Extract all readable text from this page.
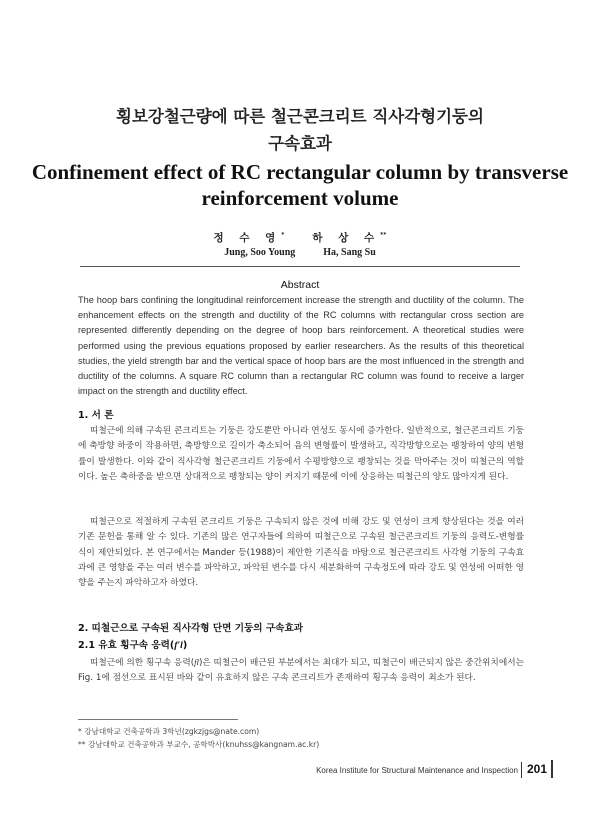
횡보강철근량에 따른 철근콘크리트 직사각형기둥의
구속효과
Confinement effect of RC rectangular column by transverse
reinforcement volume
정 수 영*	하 상 수**
Jung, Soo Young	Ha, Sang Su
Abstract
The hoop bars confining the longitudinal reinforcement increase the strength and ductility of the column. The enhancement effects on the strength and ductility of the RC columns with rectangular cross section are represented differently depending on the degree of hoop bars reinforcement. A theoretical studies were performed using the previous equations proposed by earlier researchers. As the results of this theoretical studies, the yield strength bar and the vertical space of hoop bars are the most influenced in the strength and ductility of the columns. A square RC column than a rectangular RC column was found to receive a larger impact on the strength and ductility effect.
1. 서 론
띠철근에 의해 구속된 콘크리트는 기둥은 강도뿐만 아니라 연성도 동시에 증가한다. 일반적으로, 철근콘크리트 기둥에 축방향 하중이 작용하면, 축방향으로 길이가 축소되어 음의 변형률이 발생하고, 직각방향으로는 팽창하여 양의 변형률이 발생한다. 이와 같이 직사각형 철근콘크리트 기둥에서 수평방향으로 팽창되는 것을 막아주는 것이 띠철근의 역할이다. 높은 축하중을 받으면 상대적으로 팽창되는 양이 커지기 때문에 이에 상응하는 띠철근의 양도 많아지게 된다.
띠철근으로 적절하게 구속된 콘크리트 기둥은 구속되지 않은 것에 비해 강도 및 연성이 크게 향상된다는 것을 여러 기존 문헌을 통해 알 수 있다. 기존의 많은 연구자들에 의하여 띠철근으로 구속된 철근콘크리트 기둥의 응력도-변형률 식이 제안되었다. 본 연구에서는 Mander 등(1988)이 제안한 기존식을 바탕으로 철근콘크리트 사각형 기둥의 구속효과에 큰 영향을 주는 여러 변수를 파악하고, 파악된 변수를 다시 세분화하여 구속정도에 따라 강도 및 연성에 어떠한 영향을 주는지 파악하고자 하였다.
2. 띠철근으로 구속된 직사각형 단면 기둥의 구속효과
2.1 유효 횡구속 응력(f′l)
띠철근에 의한 횡구속 응력(fl)은 띠철근이 배근된 부분에서는 최대가 되고, 띠철근이 배근되지 않은 중간위치에서는 Fig. 1에 점선으로 표시된 바와 같이 유효하지 않은 구속 콘크리트가 존재하여 횡구속 응력이 최소가 된다.
* 강남대학교 건축공학과 3학년(zgkzjgs@nate.com)
** 강남대학교 건축공학과 부교수, 공학박사(knuhss@kangnam.ac.kr)
Korea Institute for Structural Maintenance and Inspection 201
